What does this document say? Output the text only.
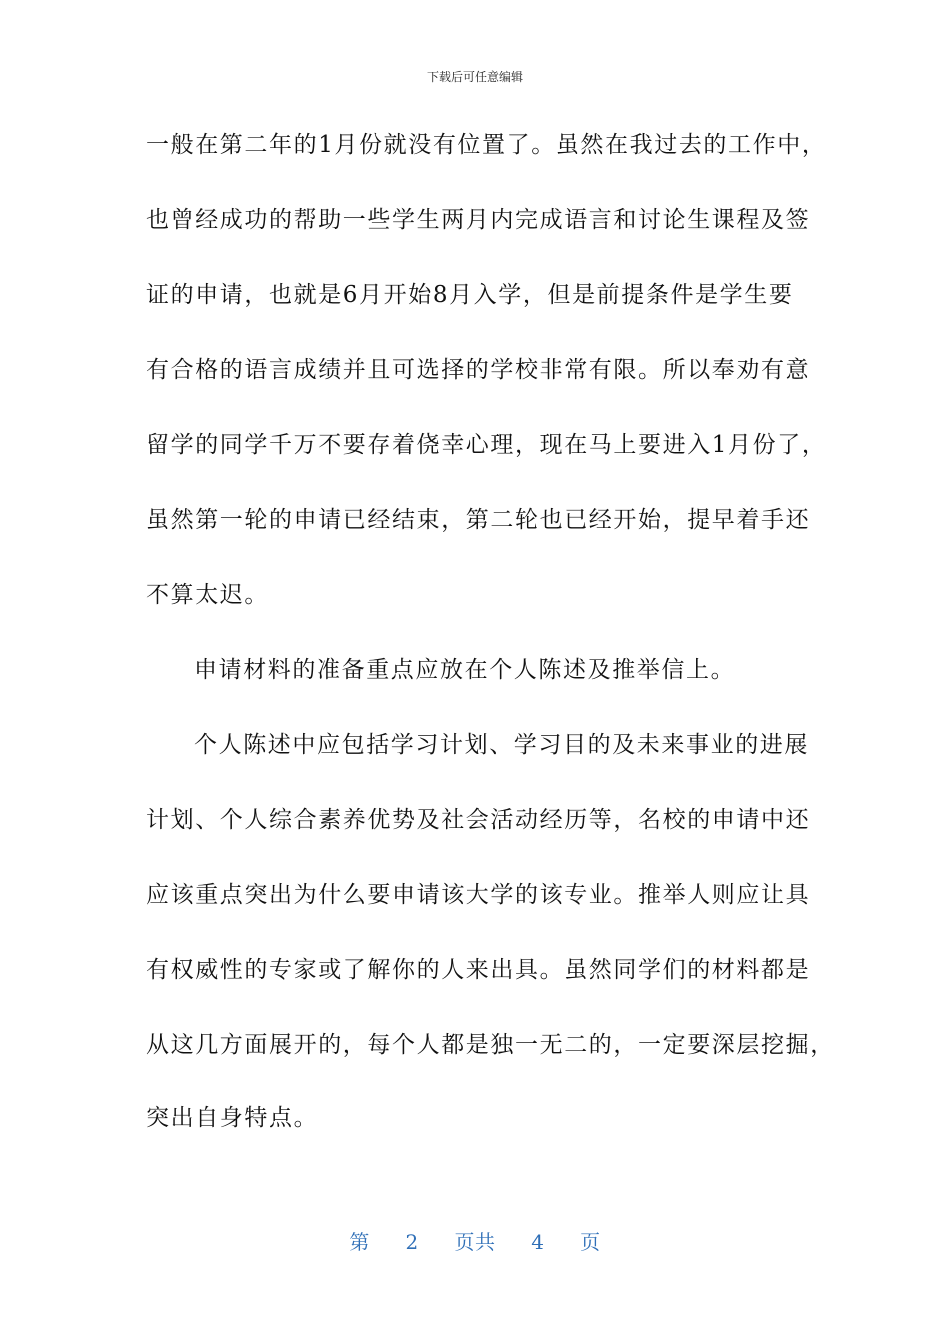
下载后可任意编辑
一般在第二年的1月份就没有位置了。虽然在我过去的工作中，
也曾经成功的帮助一些学生两月内完成语言和讨论生课程及签
证的申请，也就是6月开始8月入学，但是前提条件是学生要
有合格的语言成绩并且可选择的学校非常有限。所以奉劝有意
留学的同学千万不要存着侥幸心理，现在马上要进入1月份了，
虽然第一轮的申请已经结束，第二轮也已经开始，提早着手还
不算太迟。
申请材料的准备重点应放在个人陈述及推举信上。
个人陈述中应包括学习计划、学习目的及未来事业的进展
计划、个人综合素养优势及社会活动经历等，名校的申请中还
应该重点突出为什么要申请该大学的该专业。推举人则应让具
有权威性的专家或了解你的人来出具。虽然同学们的材料都是
从这几方面展开的，每个人都是独一无二的，一定要深层挖掘，
突出自身特点。
第 2 页共 4 页
